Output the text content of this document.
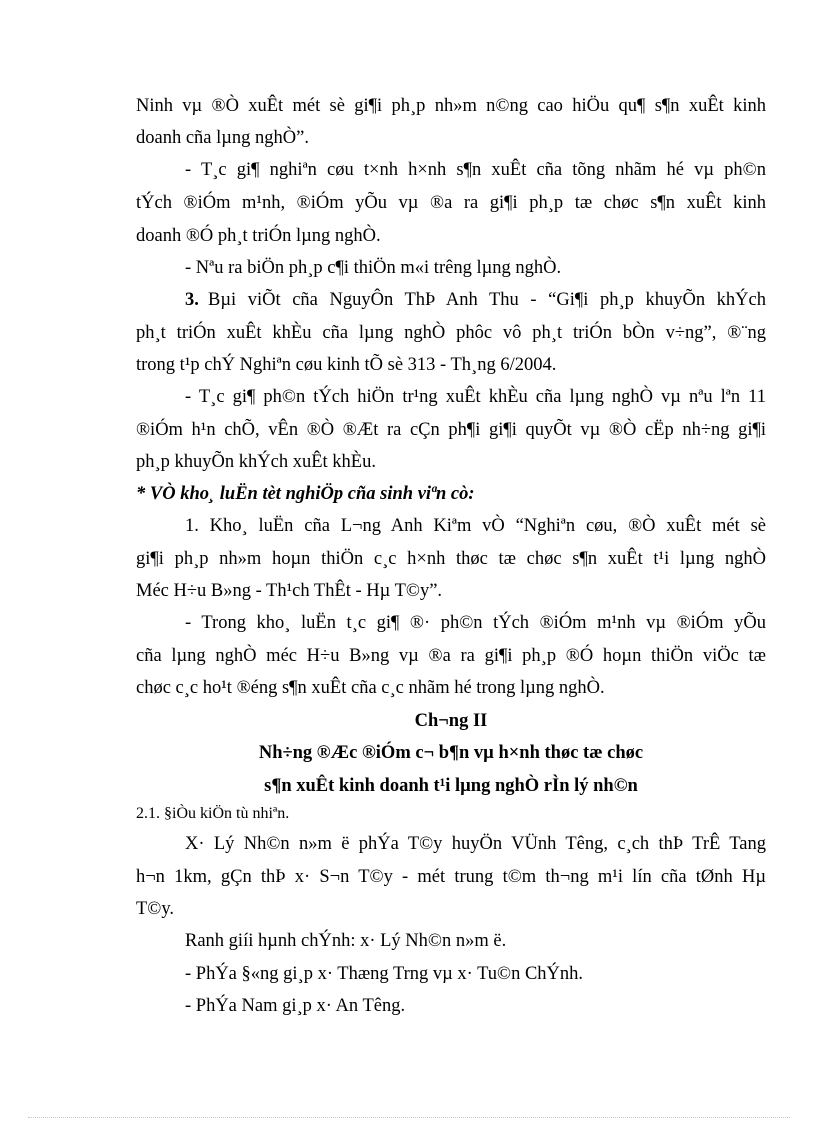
Ninh vµ ®Ò xuÊt mét sè gi¶i ph¸p nh»m n©ng cao hiÖu qu¶ s¶n xuÊt kinh
doanh cña lµng nghÒ”.
- T¸c gi¶ nghiªn cøu t×nh h×nh s¶n xuÊt cña tõng nhãm hé vµ ph©n
tÝch ®iÓm m¹nh, ®iÓm yÕu vµ ®a ra gi¶i ph¸p tæ chøc s¶n xuÊt kinh
doanh ®Ó ph¸t triÓn lµng nghÒ.
- Nªu ra biÖn ph¸p c¶i thiÖn m«i trêng lµng nghÒ.
3. Bµi viÕt cña NguyÔn ThÞ Anh Thu - “Gi¶i ph¸p khuyÕn khÝch
ph¸t triÓn xuÊt khÈu cña lµng nghÒ phôc vô ph¸t triÓn bÒn v÷ng”, ®¨ng
trong t¹p chÝ Nghiªn cøu kinh tÕ sè 313 - Th¸ng 6/2004.
- T¸c gi¶ ph©n tÝch hiÖn tr¹ng xuÊt khÈu cña lµng nghÒ vµ nªu lªn 11
®iÓm h¹n chÕ, vÊn ®Ò ®Æt ra cÇn ph¶i gi¶i quyÕt vµ ®Ò cËp nh÷ng gi¶i
ph¸p khuyÕn khÝch xuÊt khÈu.
* VÒ kho¸ luËn tèt nghiÖp cña sinh viªn cò:
1. Kho¸ luËn cña L¬ng Anh Kiªm vÒ “Nghiªn cøu, ®Ò xuÊt mét sè
gi¶i ph¸p nh»m hoµn thiÖn c¸c h×nh thøc tæ chøc s¶n xuÊt t¹i lµng nghÒ
Méc H÷u B»ng - Th¹ch ThÊt - Hµ T©y”.
- Trong kho¸ luËn t¸c gi¶ ®· ph©n tÝch ®iÓm m¹nh vµ ®iÓm yÕu
cña lµng nghÒ méc H÷u B»ng vµ ®a ra gi¶i ph¸p ®Ó hoµn thiÖn viÖc tæ
chøc c¸c ho¹t ®éng s¶n xuÊt cña c¸c nhãm hé trong lµng nghÒ.
Ch¬ng II
Nh÷ng ®Æc ®iÓm c¬ b¶n vµ h×nh thøc tæ chøc
s¶n xuÊt kinh doanh t¹i lµng nghÒ rÌn lý nh©n
2.1. §iÒu kiÖn tù nhiªn.
X· Lý Nh©n n»m ë phÝa T©y huyÖn VÜnh Têng, c¸ch thÞ TrÊ Tang
h¬n 1km, gÇn thÞ x· S¬n T©y - mét trung t©m th¬ng m¹i lín cña tØnh Hµ
T©y.
Ranh giíi hµnh chÝnh: x· Lý Nh©n n»m ë.
- PhÝa §«ng gi¸p x· Thæng Trng vµ x· Tu©n ChÝnh.
- PhÝa Nam gi¸p x· An Têng.
